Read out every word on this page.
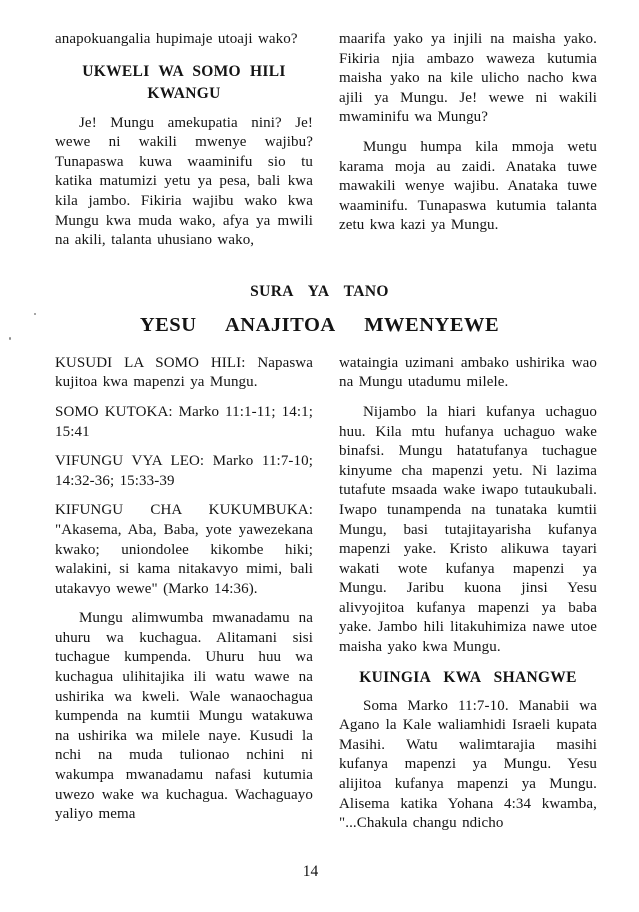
anapokuangalia hupimaje utoaji wako?

UKWELI WA SOMO HILI KWANGU

Je! Mungu amekupatia nini? Je! wewe ni wakili mwenye wajibu? Tunapaswa kuwa waaminifu sio tu katika matumizi yetu ya pesa, bali kwa kila jambo. Fikiria wajibu wako kwa Mungu kwa muda wako, afya ya mwili na akili, talanta uhusiano wako,

maarifa yako ya injili na maisha yako. Fikiria njia ambazo waweza kutumia maisha yako na kile ulicho nacho kwa ajili ya Mungu. Je! wewe ni wakili mwaminifu wa Mungu?

Mungu humpa kila mmoja wetu karama moja au zaidi. Anataka tuwe mawakili wenye wajibu. Anataka tuwe waaminifu. Tunapaswa kutumia talanta zetu kwa kazi ya Mungu.

SURA YA TANO
YESU ANAJITOA MWENYEWE

KUSUDI LA SOMO HILI: Napaswa kujitoa kwa mapenzi ya Mungu.

SOMO KUTOKA: Marko 11:1-11; 14:1; 15:41

VIFUNGU VYA LEO: Marko 11:7-10; 14:32-36; 15:33-39

KIFUNGU CHA KUKUMBUKA: "Akasema, Aba, Baba, yote yawezekana kwako; uniondolee kikombe hiki; walakini, si kama nitakavyo mimi, bali utakavyo wewe" (Marko 14:36).

Mungu alimwumba mwanadamu na uhuru wa kuchagua. Alitamani sisi tuchague kumpenda. Uhuru huu wa kuchagua ulihitajika ili watu wawe na ushirika wa kweli. Wale wanaochagua kumpenda na kumtii Mungu watakuwa na ushirika wa milele naye. Kusudi la nchi na muda tulionao nchini ni wakumpa mwanadamu nafasi kutumia uwezo wake wa kuchagua. Wachaguayo yaliyo mema

wataingia uzimani ambako ushirika wao na Mungu utadumu milele.

Nijambo la hiari kufanya uchaguo huu. Kila mtu hufanya uchaguo wake binafsi. Mungu hatatufanya tuchague kinyume cha mapenzi yetu. Ni lazima tutafute msaada wake iwapo tutaukubali. Iwapo tunampenda na tunataka kumtii Mungu, basi tutajitayarisha kufanya mapenzi yake. Kristo alikuwa tayari wakati wote kufanya mapenzi ya Mungu. Jaribu kuona jinsi Yesu alivyojitoa kufanya mapenzi ya baba yake. Jambo hili litakuhimiza nawe utoe maisha yako kwa Mungu.

KUINGIA KWA SHANGWE

Soma Marko 11:7-10. Manabii wa Agano la Kale waliamhidi Israeli kupata Masihi. Watu walimtarajia masihi kufanya mapenzi ya Mungu. Yesu alijitoa kufanya mapenzi ya Mungu. Alisema katika Yohana 4:34 kwamba, "...Chakula changu ndicho

14
